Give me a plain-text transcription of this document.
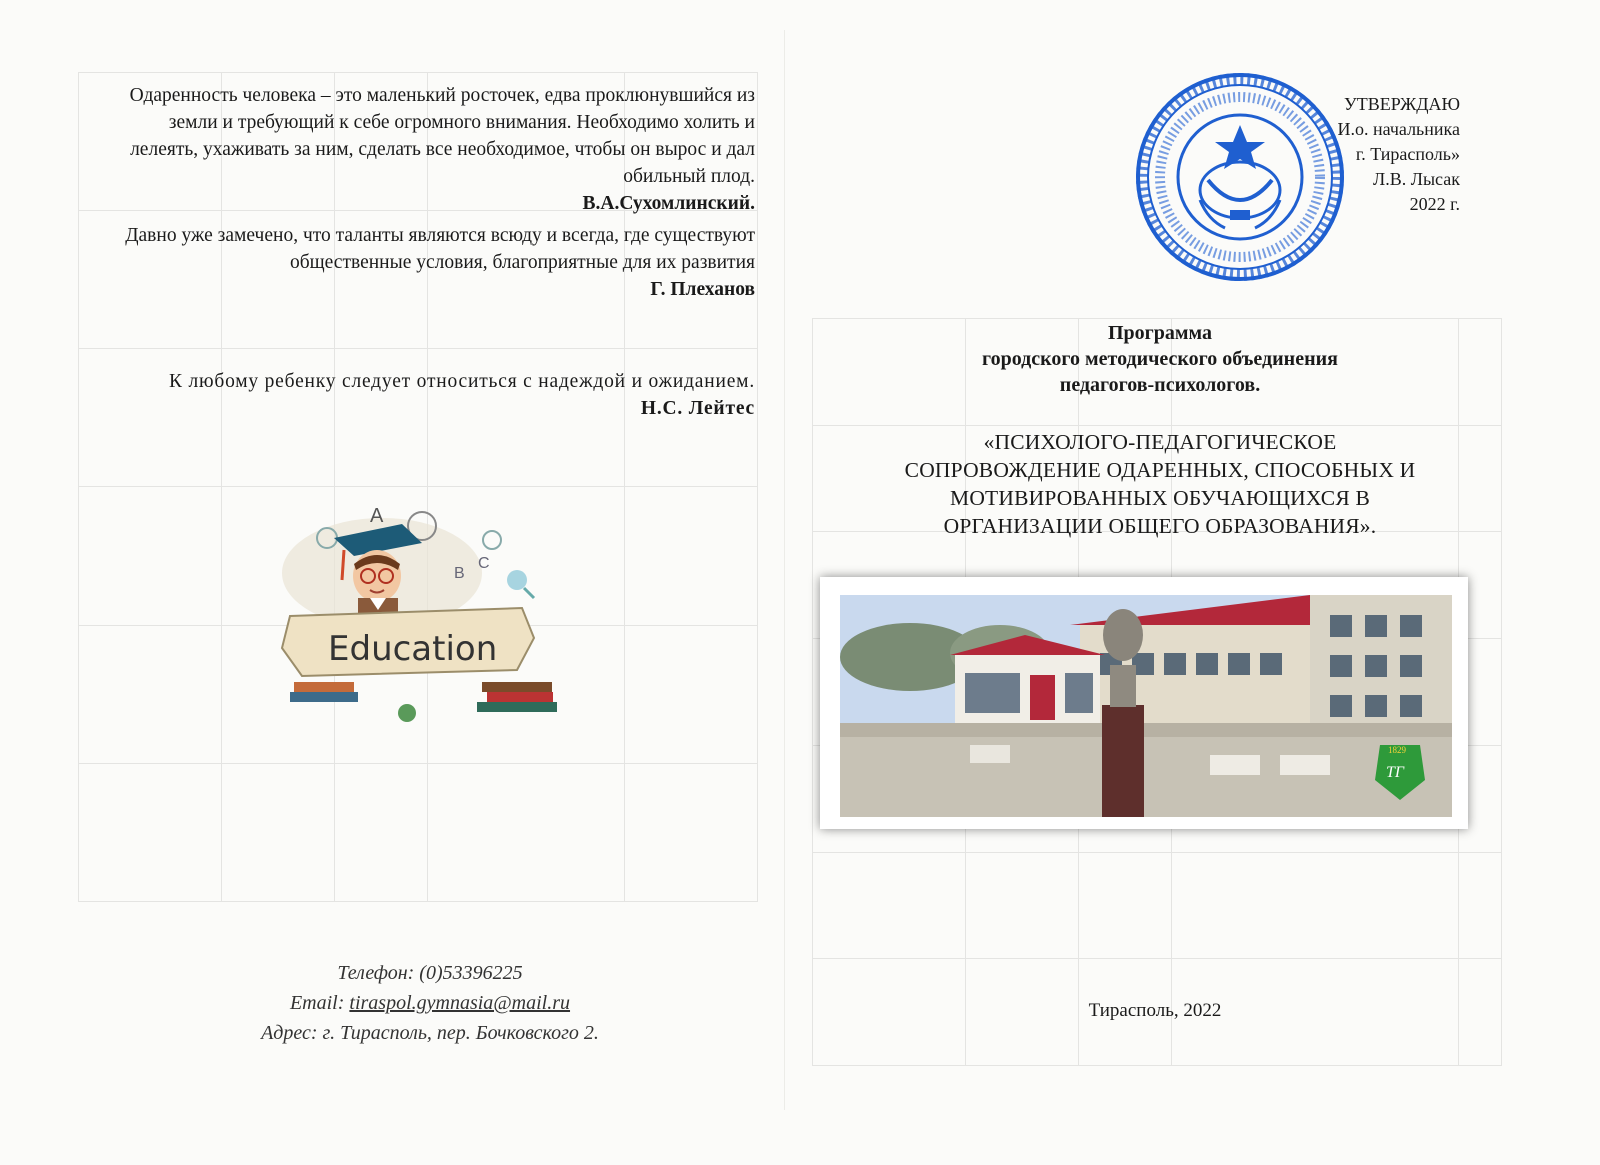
Одаренность человека – это маленький росточек, едва проклюнувшийся из земли и требующий к себе огромного внимания. Необходимо холить и лелеять, ухаживать за ним, сделать все необходимое, чтобы он вырос и дал обильный плод.
В.А.Сухомлинский.
Давно уже замечено, что таланты являются всюду и всегда, где существуют общественные условия, благоприятные для их развития
Г. Плеханов
К любому ребенку следует относиться с надеждой и ожиданием.
Н.С. Лейтес
A
B
C
Education
Телефон: (0)53396225
Email: tiraspol.gymnasia@mail.ru
Адрес: г. Тирасполь, пер. Бочковского 2.
УТВЕРЖДАЮ
И.о. начальника
г. Тирасполь»
Л.В. Лысак
2022 г.
Программа
городского методического объединения
педагогов-психологов.
«ПСИХОЛОГО-ПЕДАГОГИЧЕСКОЕ
СОПРОВОЖДЕНИЕ ОДАРЕННЫХ, СПОСОБНЫХ И
МОТИВИРОВАННЫХ ОБУЧАЮЩИХСЯ В
ОРГАНИЗАЦИИ ОБЩЕГО ОБРАЗОВАНИЯ».
1829
ТГ
Тирасполь, 2022
